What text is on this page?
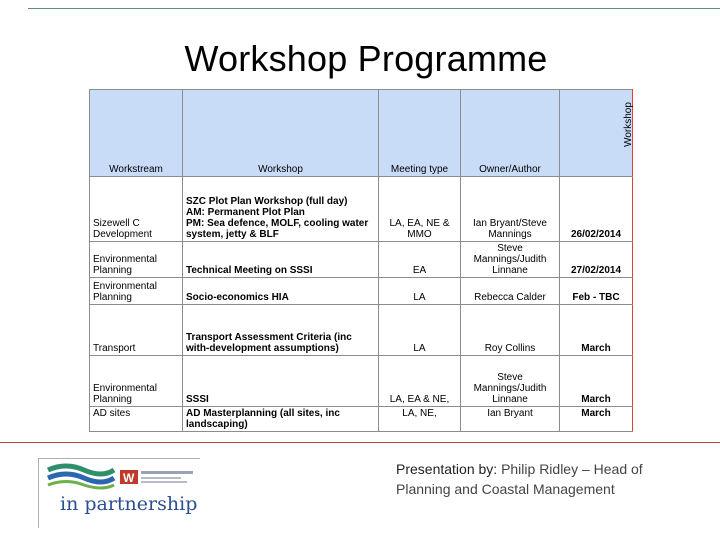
Workshop Programme
Workstream	Workshop	Meeting type	Owner/Author	Workshop
Sizewell C Development	SZC Plot Plan Workshop (full day)
AM: Permanent Plot Plan
PM: Sea defence, MOLF, cooling water system, jetty & BLF	LA, EA, NE & MMO	Ian Bryant/Steve Mannings	26/02/2014
Environmental Planning	Technical Meeting on SSSI	EA	Steve Mannings/Judith Linnane	27/02/2014
Environmental Planning	Socio-economics HIA	LA	Rebecca Calder	Feb - TBC
Transport	Transport Assessment Criteria (inc with-development assumptions)	LA	Roy Collins	March
Environmental Planning	SSSI	LA, EA & NE,	Steve Mannings/Judith Linnane	March
AD sites	AD Masterplanning (all sites, inc landscaping)	LA, NE,	Ian Bryant	March
W
in partnership
Presentation by: Philip Ridley – Head of Planning and Coastal Management
